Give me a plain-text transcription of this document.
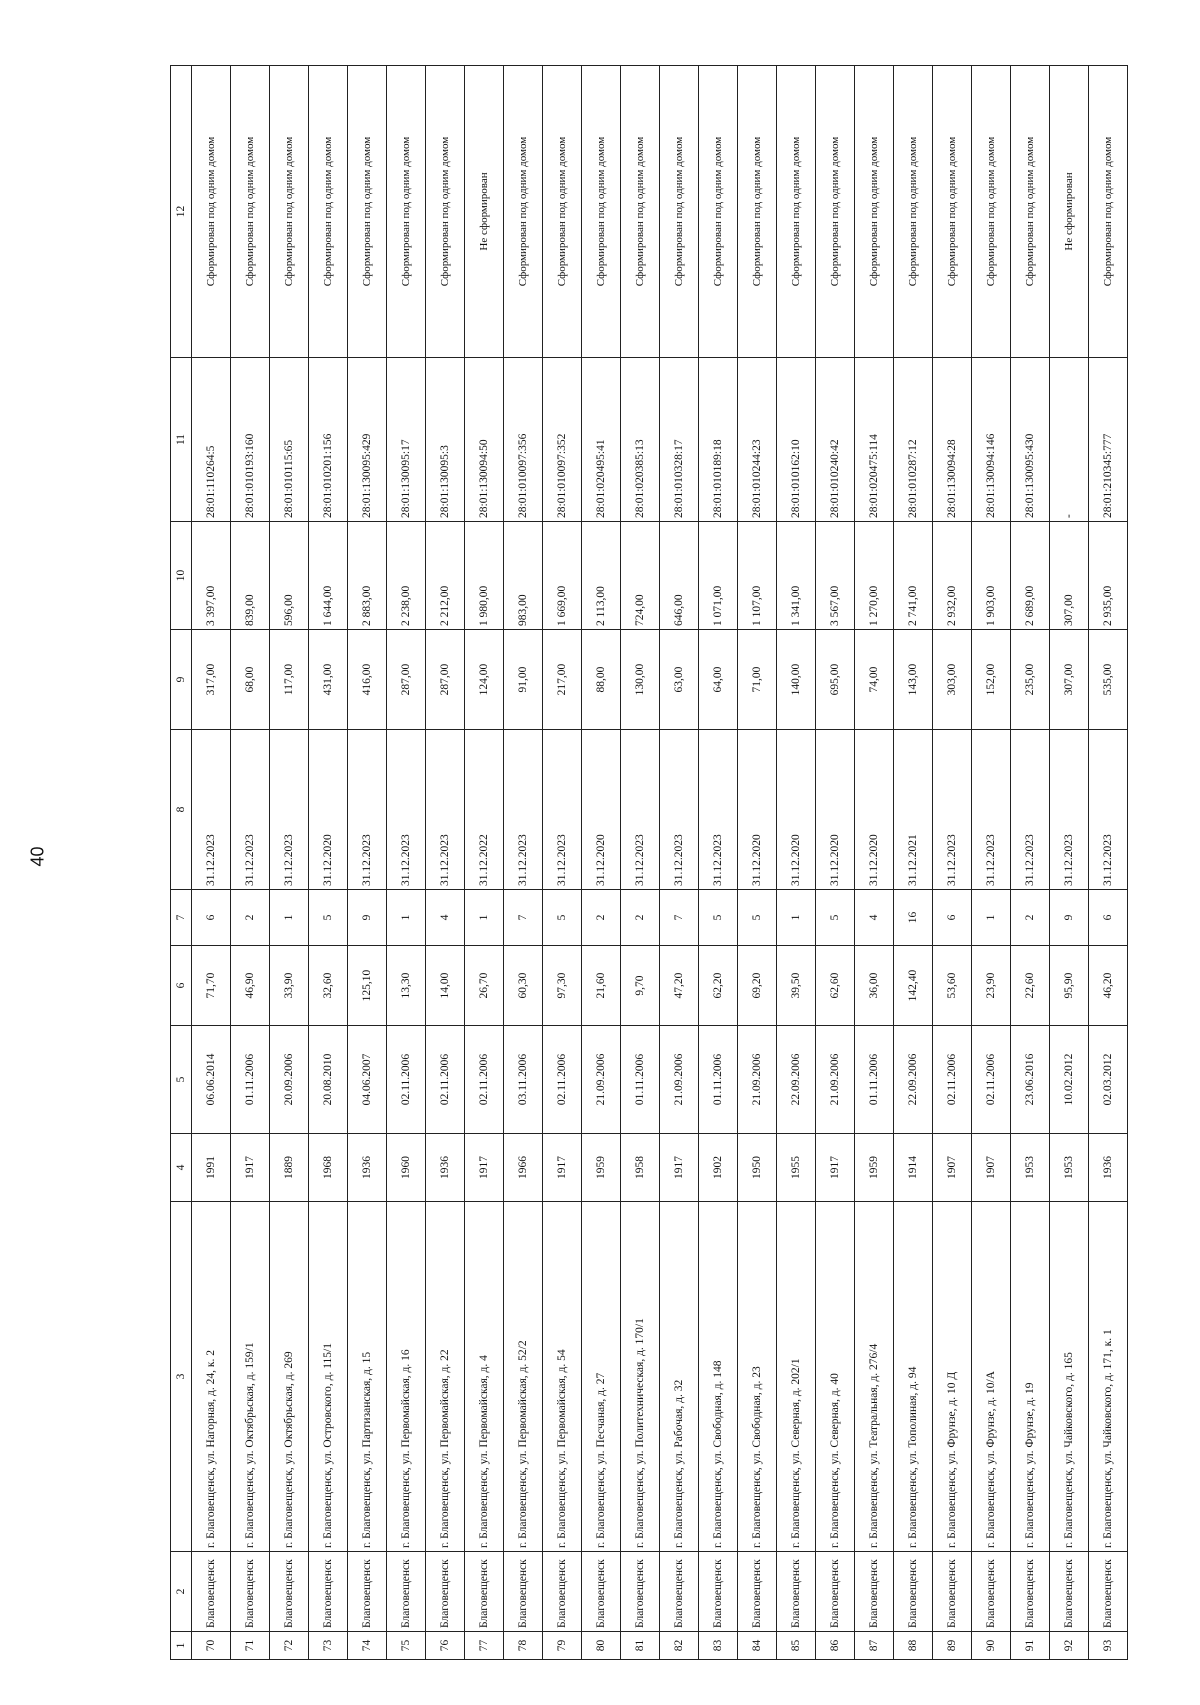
40
1	2	3	4	5	6	7	8	9	10	11	12
70	Благовещенск	г. Благовещенск, ул. Нагорная, д. 24, к. 2	1991	06.06.2014	71,70	6	31.12.2023	317,00	3 397,00	28:01:110264:5	Сформирован под одним домом
71	Благовещенск	г. Благовещенск, ул. Октябрьская, д. 159/1	1917	01.11.2006	46,90	2	31.12.2023	68,00	839,00	28:01:010193:160	Сформирован под одним домом
72	Благовещенск	г. Благовещенск, ул. Октябрьская, д. 269	1889	20.09.2006	33,90	1	31.12.2023	117,00	596,00	28:01:010115:65	Сформирован под одним домом
73	Благовещенск	г. Благовещенск, ул. Островского, д. 115/1	1968	20.08.2010	32,60	5	31.12.2020	431,00	1 644,00	28:01:010201:156	Сформирован под одним домом
74	Благовещенск	г. Благовещенск, ул. Партизанская, д. 15	1936	04.06.2007	125,10	9	31.12.2023	416,00	2 883,00	28:01:130095:429	Сформирован под одним домом
75	Благовещенск	г. Благовещенск, ул. Первомайская, д. 16	1960	02.11.2006	13,30	1	31.12.2023	287,00	2 238,00	28:01:130095:17	Сформирован под одним домом
76	Благовещенск	г. Благовещенск, ул. Первомайская, д. 22	1936	02.11.2006	14,00	4	31.12.2023	287,00	2 212,00	28:01:130095:3	Сформирован под одним домом
77	Благовещенск	г. Благовещенск, ул. Первомайская, д. 4	1917	02.11.2006	26,70	1	31.12.2022	124,00	1 980,00	28:01:130094:50	Не сформирован
78	Благовещенск	г. Благовещенск, ул. Первомайская, д. 52/2	1966	03.11.2006	60,30	7	31.12.2023	91,00	983,00	28:01:010097:356	Сформирован под одним домом
79	Благовещенск	г. Благовещенск, ул. Первомайская, д. 54	1917	02.11.2006	97,30	5	31.12.2023	217,00	1 669,00	28:01:010097:352	Сформирован под одним домом
80	Благовещенск	г. Благовещенск, ул. Песчаная, д. 27	1959	21.09.2006	21,60	2	31.12.2020	88,00	2 113,00	28:01:020495:41	Сформирован под одним домом
81	Благовещенск	г. Благовещенск, ул. Политехническая, д. 170/1	1958	01.11.2006	9,70	2	31.12.2023	130,00	724,00	28:01:020385:13	Сформирован под одним домом
82	Благовещенск	г. Благовещенск, ул. Рабочая, д. 32	1917	21.09.2006	47,20	7	31.12.2023	63,00	646,00	28:01:010328:17	Сформирован под одним домом
83	Благовещенск	г. Благовещенск, ул. Свободная, д. 148	1902	01.11.2006	62,20	5	31.12.2023	64,00	1 071,00	28:01:010189:18	Сформирован под одним домом
84	Благовещенск	г. Благовещенск, ул. Свободная, д. 23	1950	21.09.2006	69,20	5	31.12.2020	71,00	1 107,00	28:01:010244:23	Сформирован под одним домом
85	Благовещенск	г. Благовещенск, ул. Северная, д. 202/1	1955	22.09.2006	39,50	1	31.12.2020	140,00	1 341,00	28:01:010162:10	Сформирован под одним домом
86	Благовещенск	г. Благовещенск, ул. Северная, д. 40	1917	21.09.2006	62,60	5	31.12.2020	695,00	3 567,00	28:01:010240:42	Сформирован под одним домом
87	Благовещенск	г. Благовещенск, ул. Театральная, д. 276/4	1959	01.11.2006	36,00	4	31.12.2020	74,00	1 270,00	28:01:020475:114	Сформирован под одним домом
88	Благовещенск	г. Благовещенск, ул. Тополиная, д. 94	1914	22.09.2006	142,40	16	31.12.2021	143,00	2 741,00	28:01:010287:12	Сформирован под одним домом
89	Благовещенск	г. Благовещенск, ул. Фрунзе, д. 10 Д	1907	02.11.2006	53,60	6	31.12.2023	303,00	2 932,00	28:01:130094:28	Сформирован под одним домом
90	Благовещенск	г. Благовещенск, ул. Фрунзе, д. 10/А	1907	02.11.2006	23,90	1	31.12.2023	152,00	1 903,00	28:01:130094:146	Сформирован под одним домом
91	Благовещенск	г. Благовещенск, ул. Фрунзе, д. 19	1953	23.06.2016	22,60	2	31.12.2023	235,00	2 689,00	28:01:130095:430	Сформирован под одним домом
92	Благовещенск	г. Благовещенск, ул. Чайковского, д. 165	1953	10.02.2012	95,90	9	31.12.2023	307,00	307,00	-	Не сформирован
93	Благовещенск	г. Благовещенск, ул. Чайковского, д. 171, к. 1	1936	02.03.2012	46,20	6	31.12.2023	535,00	2 935,00	28:01:210345:777	Сформирован под одним домом
